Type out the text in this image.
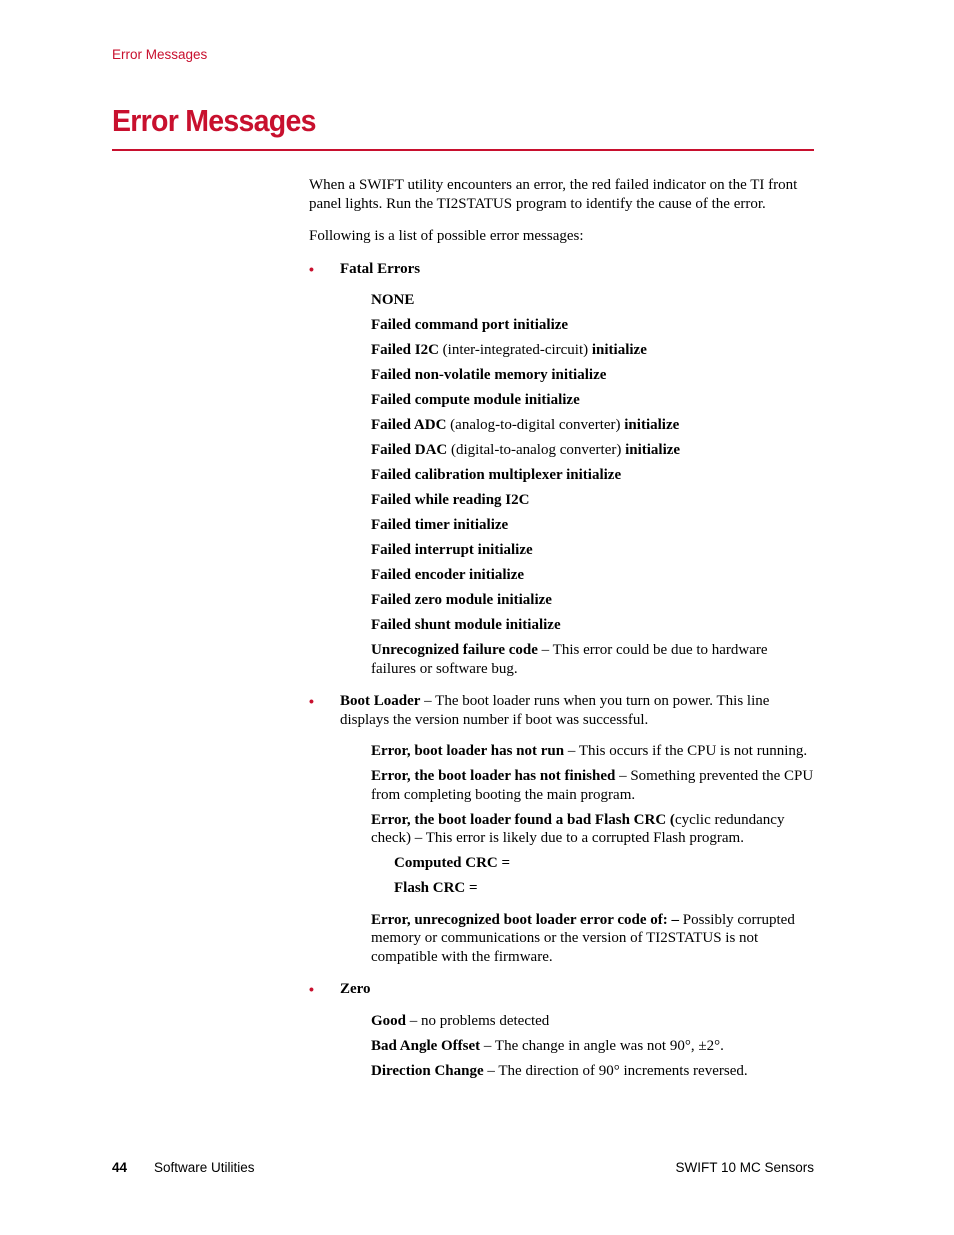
Error Messages
Error Messages

When a SWIFT utility encounters an error, the red failed indicator on the TI front panel lights. Run the TI2STATUS program to identify the cause of the error.

Following is a list of possible error messages:

• Fatal Errors

NONE

Failed command port initialize

Failed I2C (inter-integrated-circuit) initialize

Failed non-volatile memory initialize

Failed compute module initialize

Failed ADC (analog-to-digital converter) initialize

Failed DAC (digital-to-analog converter) initialize

Failed calibration multiplexer initialize

Failed while reading I2C

Failed timer initialize

Failed interrupt initialize

Failed encoder initialize

Failed zero module initialize

Failed shunt module initialize

Unrecognized failure code – This error could be due to hardware failures or software bug.

• Boot Loader – The boot loader runs when you turn on power. This line displays the version number if boot was successful.

Error, boot loader has not run – This occurs if the CPU is not running.

Error, the boot loader has not finished – Something prevented the CPU from completing booting the main program.

Error, the boot loader found a bad Flash CRC (cyclic redundancy check) – This error is likely due to a corrupted Flash program.

Computed CRC =

Flash CRC =

Error, unrecognized boot loader error code of: – Possibly corrupted memory or communications or the version of TI2STATUS is not compatible with the firmware.

• Zero

Good – no problems detected

Bad Angle Offset – The change in angle was not 90°, ±2°.

Direction Change – The direction of 90° increments reversed.

44 Software Utilities	SWIFT 10 MC Sensors
